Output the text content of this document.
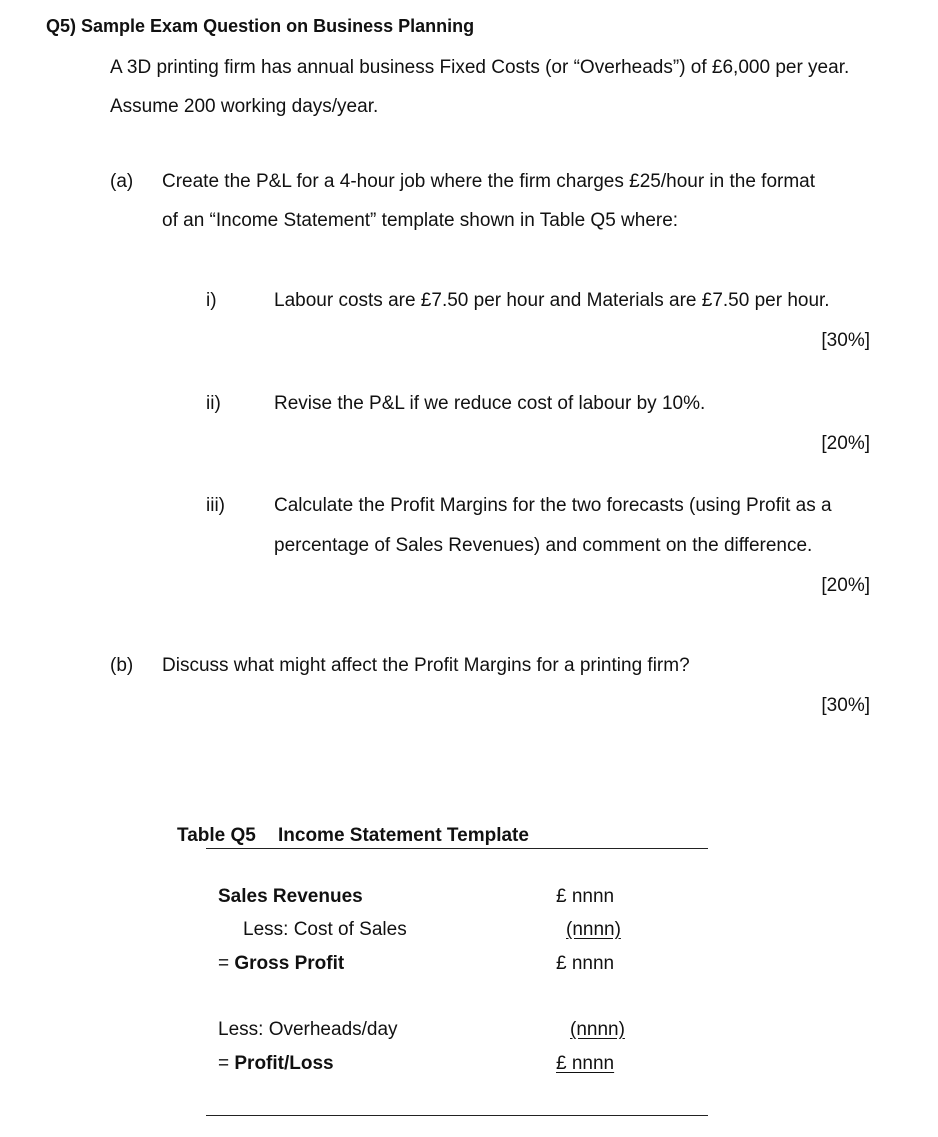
Q5) Sample Exam Question on Business Planning
A 3D printing firm has annual business Fixed Costs (or “Overheads”) of £6,000 per year.
Assume 200 working days/year.
(a) Create the P&L for a 4-hour job where the firm charges £25/hour in the format
of an “Income Statement” template shown in Table Q5 where:
i)	Labour costs are £7.50 per hour and Materials are £7.50 per hour.
[30%]
ii)	Revise the P&L if we reduce cost of labour by 10%.
[20%]
iii)	Calculate the Profit Margins for the two forecasts (using Profit as a
percentage of Sales Revenues) and comment on the difference.
[20%]
(b) Discuss what might affect the Profit Margins for a printing firm?
[30%]
Table Q5 Income Statement Template
Sales Revenues	£ nnnn
Less: Cost of Sales	(nnnn)
= Gross Profit	£ nnnn
Less: Overheads/day	(nnnn)
= Profit/Loss	£ nnnn
